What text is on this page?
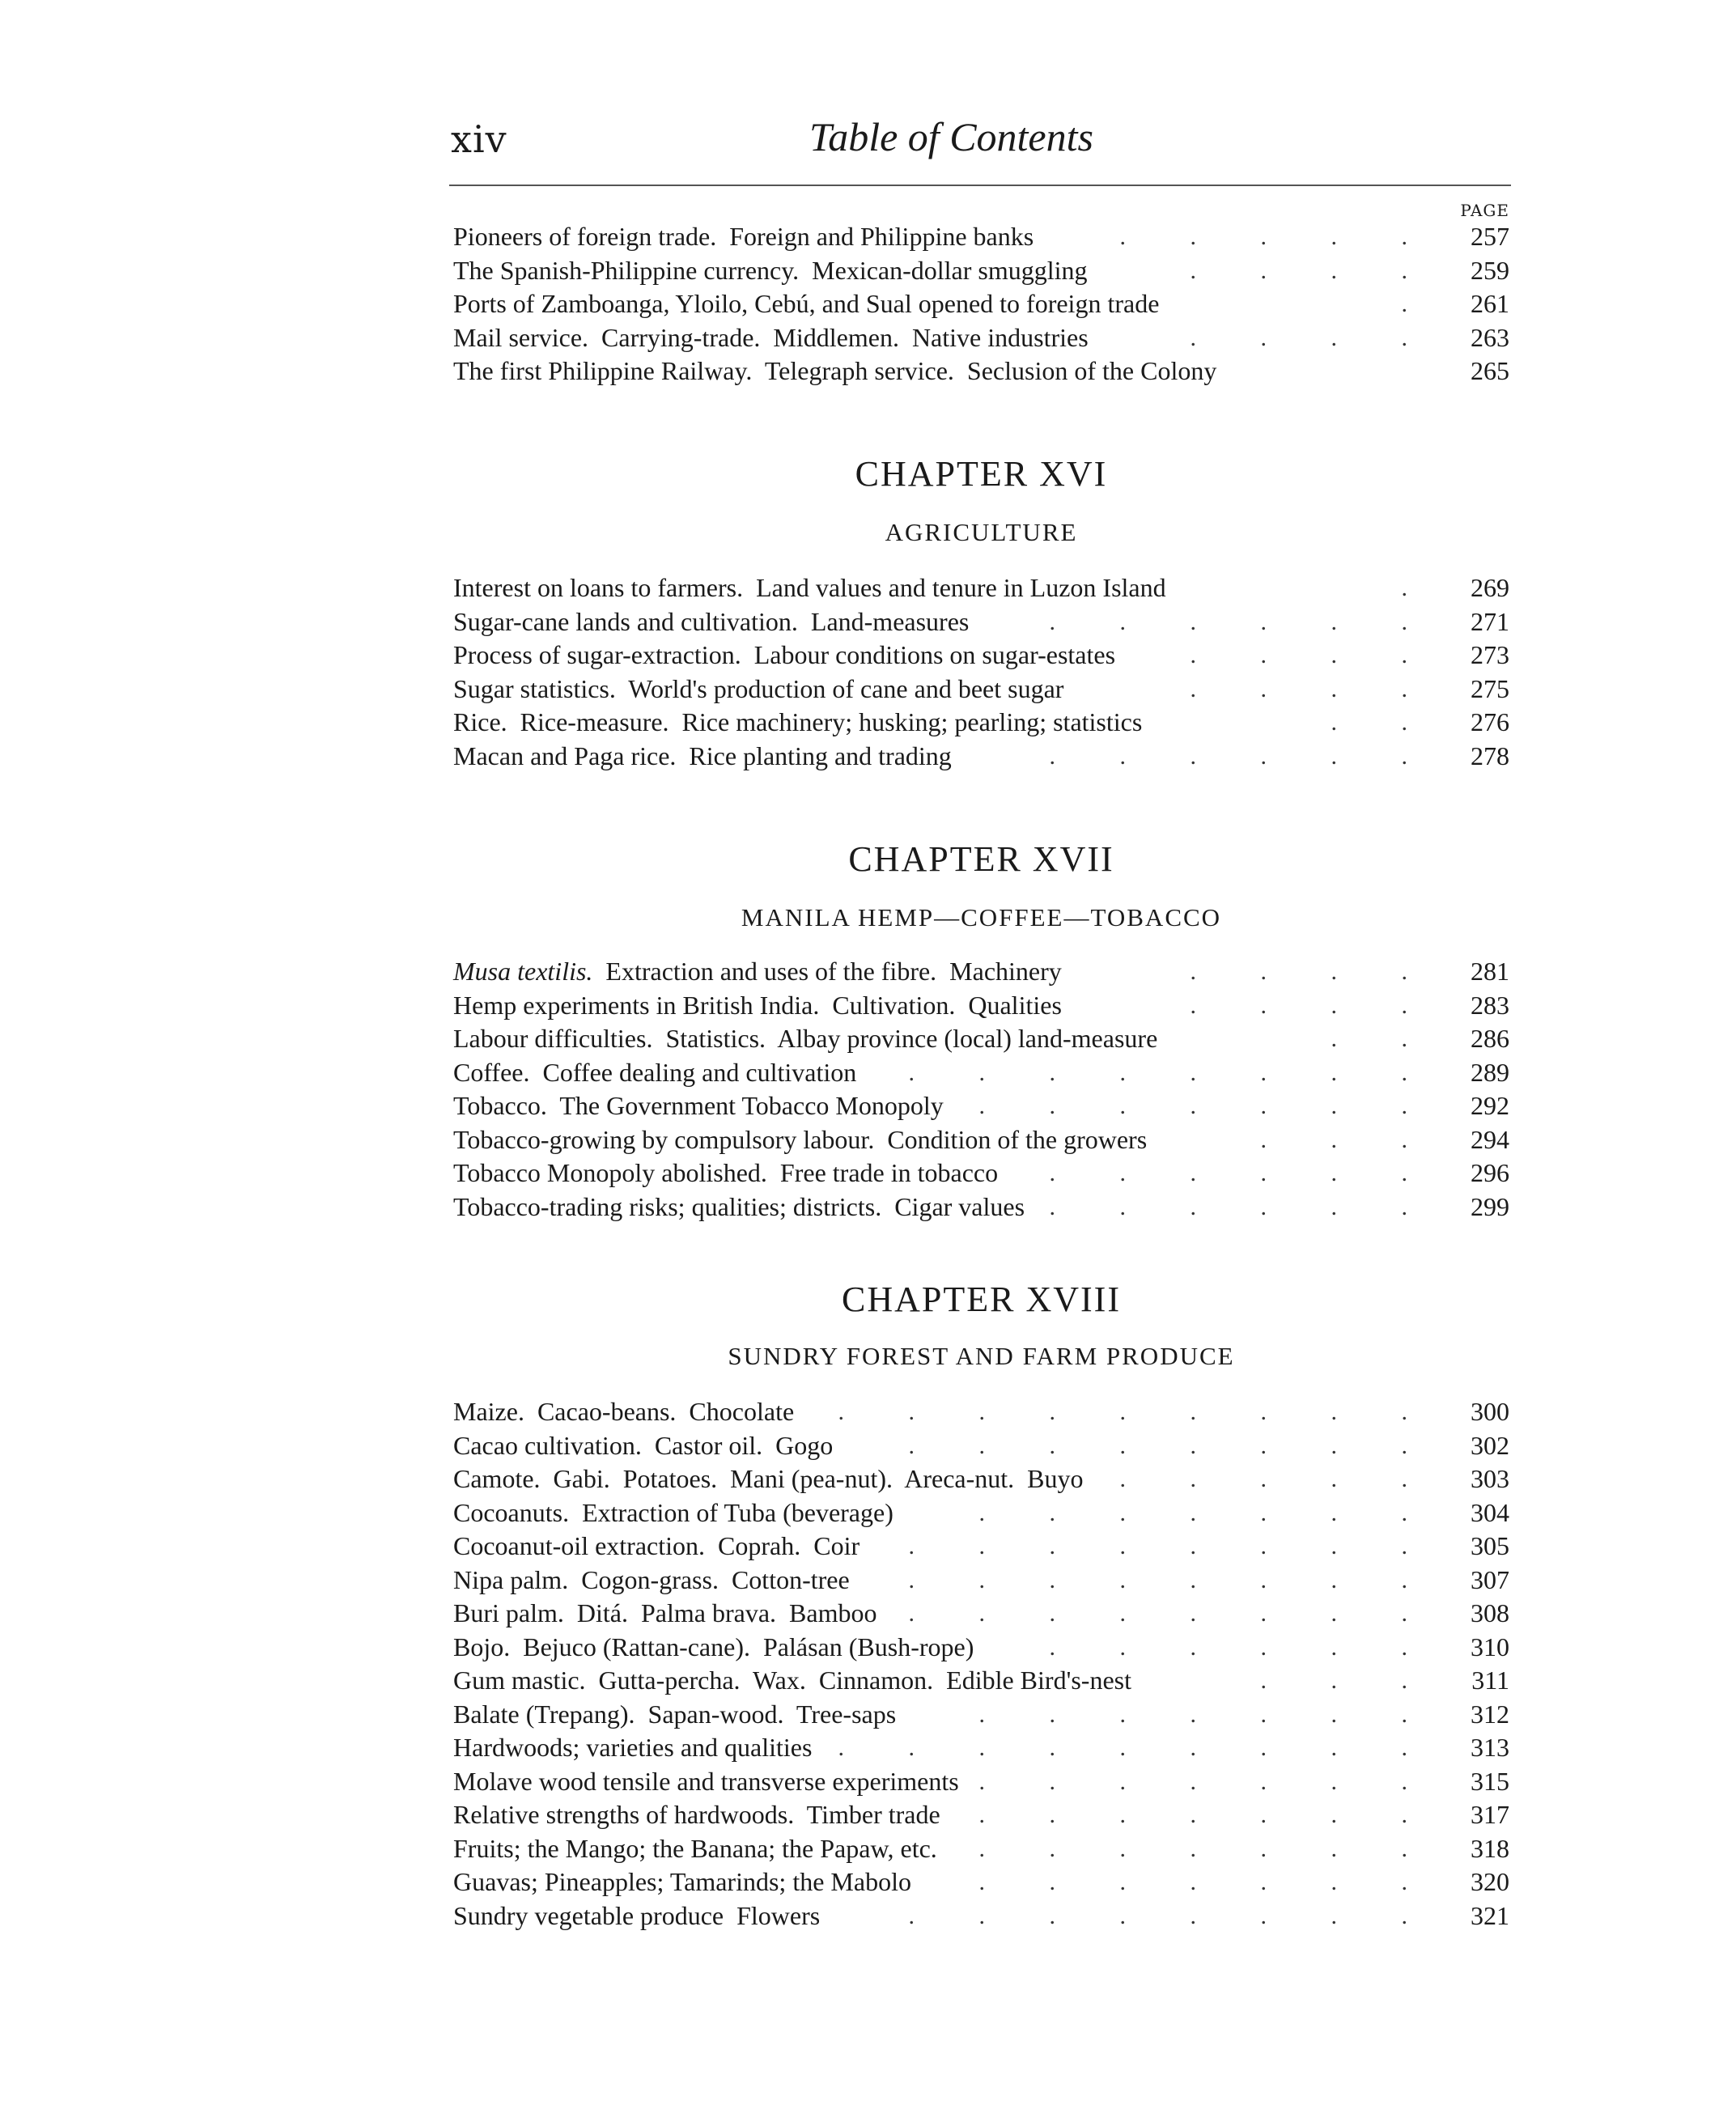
xiv	Table of Contents
PAGE
Pioneers of foreign trade.  Foreign and Philippine banks	. . . . .	257
The Spanish-Philippine currency.  Mexican-dollar smuggling	. . . .	259
Ports of Zamboanga, Yloilo, Cebú, and Sual opened to foreign trade	.	261
Mail service.  Carrying-trade.  Middlemen.  Native industries	. . . .	263
The first Philippine Railway.  Telegraph service.  Seclusion of the Colony	265
CHAPTER XVI
AGRICULTURE
Interest on loans to farmers.  Land values and tenure in Luzon Island	.	269
Sugar-cane lands and cultivation.  Land-measures	. . . . . .	271
Process of sugar-extraction.  Labour conditions on sugar-estates	. . . .	273
Sugar statistics.  World's production of cane and beet sugar	. . . .	275
Rice.  Rice-measure.  Rice machinery; husking; pearling; statistics	. .	276
Macan and Paga rice.  Rice planting and trading	. . . . . .	278
CHAPTER XVII
MANILA HEMP—COFFEE—TOBACCO
Musa textilis.  Extraction and uses of the fibre.  Machinery	. . . .	281
Hemp experiments in British India.  Cultivation.  Qualities	. . . .	283
Labour difficulties.  Statistics.  Albay province (local) land-measure	. .	286
Coffee.  Coffee dealing and cultivation . . . . . . . .	289
Tobacco.  The Government Tobacco Monopoly . . . . . . .	292
Tobacco-growing by compulsory labour.  Condition of the growers	. . .	294
Tobacco Monopoly abolished.  Free trade in tobacco . . . . . .	296
Tobacco-trading risks; qualities; districts.  Cigar values . . . . . .	299
CHAPTER XVIII
SUNDRY FOREST AND FARM PRODUCE
Maize.  Cacao-beans.  Chocolate . . . . . . . . .	300
Cacao cultivation.  Castor oil.  Gogo	. . . . . . . .	302
Camote.  Gabi.  Potatoes.  Mani (pea-nut).  Areca-nut.  Buyo . . . . .	303
Cocoanuts.  Extraction of Tuba (beverage)	. . . . . . .	304
Cocoanut-oil extraction.  Coprah.  Coir . . . . . . . .	305
Nipa palm.  Cogon-grass.  Cotton-tree . . . . . . . .	307
Buri palm.  Ditá.  Palma brava.  Bamboo . . . . . . . .	308
Bojo.  Bejuco (Rattan-cane).  Palásan (Bush-rope)	. . . . . .	310
Gum mastic.  Gutta-percha.  Wax.  Cinnamon.  Edible Bird's-nest	. . .	311
Balate (Trepang).  Sapan-wood.  Tree-saps	. . . . . . .	312
Hardwoods; varieties and qualities . . . . . . . . .	313
Molave wood tensile and transverse experiments . . . . . . .	315
Relative strengths of hardwoods.  Timber trade . . . . . . .	317
Fruits; the Mango; the Banana; the Papaw, etc. . . . . . . .	318
Guavas; Pineapples; Tamarinds; the Mabolo	. . . . . . .	320
Sundry vegetable produce  Flowers	. . . . . . . .	321
